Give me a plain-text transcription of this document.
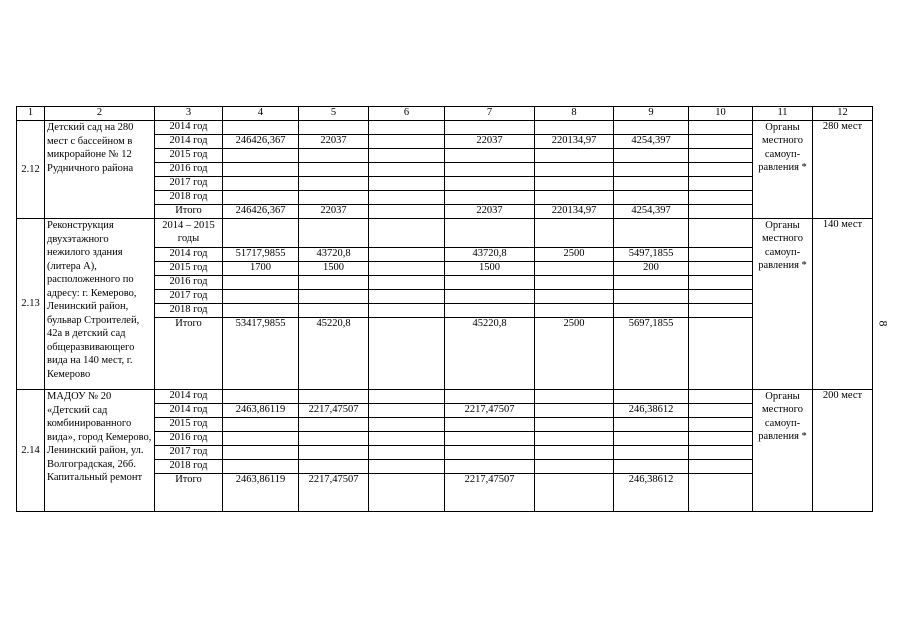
1	2	3	4	5	6	7	8	9	10	11	12
2.12	Детский сад на 280 мест с бассейном в микрорайоне № 12 Рудничного района	2014 год								Органы местного самоуп-равления *	280 мест
		2014 год	246426,367	22037		22037	220134,97	4254,397			
		2015 год									
		2016 год									
		2017 год									
		2018 год									
		Итого	246426,367	22037		22037	220134,97	4254,397			
2.13	Реконструкция двухэтажного нежилого здания (литера А), расположенного по адресу: г. Кемерово, Ленинский район, бульвар Строителей, 42а в детский сад общеразвивающего вида на 140 мест, г. Кемерово	2014 – 2015 годы								Органы местного самоуп-равления *	140 мест
		2014 год	51717,9855	43720,8		43720,8	2500	5497,1855			
		2015 год	1700	1500		1500		200			
		2016 год									
		2017 год									
		2018 год									
		Итого	53417,9855	45220,8		45220,8	2500	5697,1855			
2.14	МАДОУ № 20 «Детский сад комбинированного вида», город Кемерово, Ленинский район, ул. Волгоградская, 26б. Капитальный ремонт	2014 год								Органы местного самоуп-равления *	200 мест
		2014 год	2463,86119	2217,47507		2217,47507		246,38612			
		2015 год									
		2016 год									
		2017 год									
		2018 год									
		Итого	2463,86119	2217,47507		2217,47507		246,38612			
8
